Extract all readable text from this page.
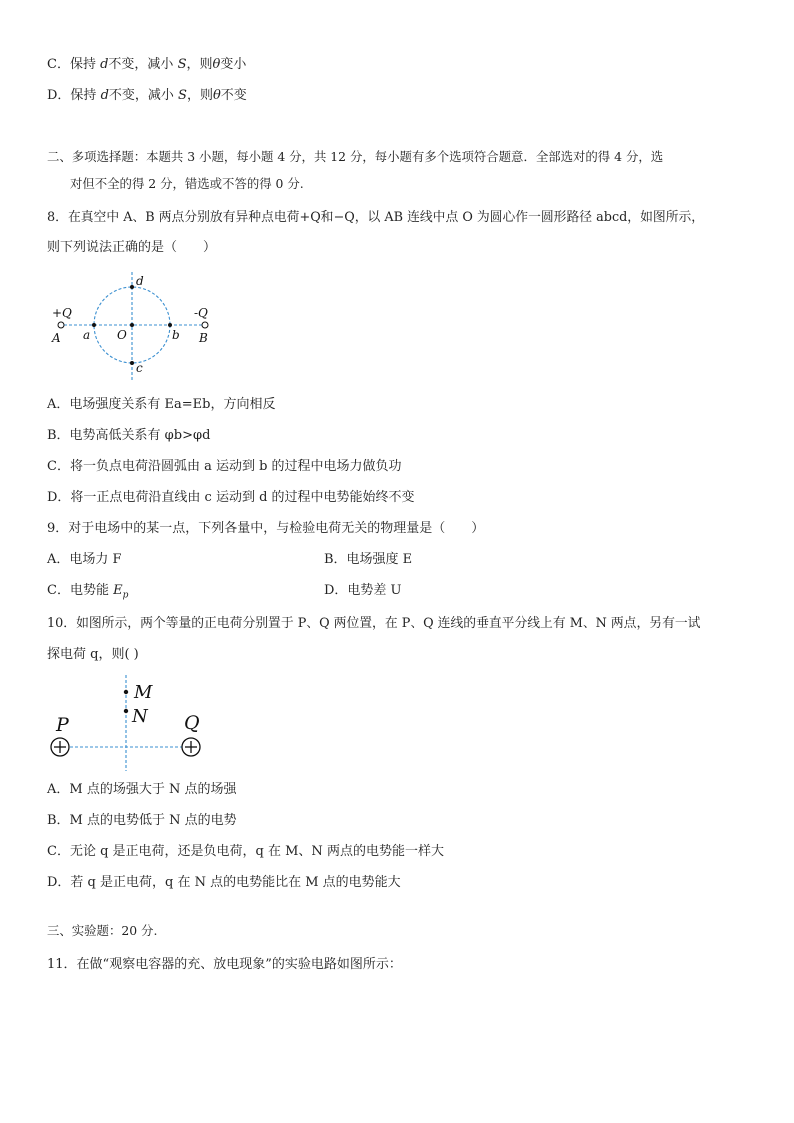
C．保持 d不变，减小 S，则θ变小
D．保持 d不变，减小 S，则θ不变
二、多项选择题：本题共 3 小题，每小题 4 分，共 12 分，每小题有多个选项符合题意．全部选对的得 4 分，选
对但不全的得 2 分，错选或不答的得 0 分.
8．在真空中 A、B 两点分别放有异种点电荷+Q和−Q，以 AB 连线中点 O 为圆心作一圆形路径 abcd，如图所示，
则下列说法正确的是（　　）
+Q	-Q
A	B
a	b
O
d
c
A．电场强度关系有 Ea=Eb，方向相反
B．电势高低关系有 φb>φd
C．将一负点电荷沿圆弧由 a 运动到 b 的过程中电场力做负功
D．将一正点电荷沿直线由 c 运动到 d 的过程中电势能始终不变
9．对于电场中的某一点，下列各量中，与检验电荷无关的物理量是（　　）
A．电场力 F	B．电场强度 E
C．电势能 $E_p$	D．电势差 U
10．如图所示，两个等量的正电荷分别置于 P、Q 两位置，在 P、Q 连线的垂直平分线上有 M、N 两点，另有一试
探电荷 q，则( )
P	Q
M
N
A．M 点的场强大于 N 点的场强
B．M 点的电势低于 N 点的电势
C．无论 q 是正电荷，还是负电荷，q 在 M、N 两点的电势能一样大
D．若 q 是正电荷，q 在 N 点的电势能比在 M 点的电势能大
三、实验题：20 分.
11．在做“观察电容器的充、放电现象”的实验电路如图所示：
